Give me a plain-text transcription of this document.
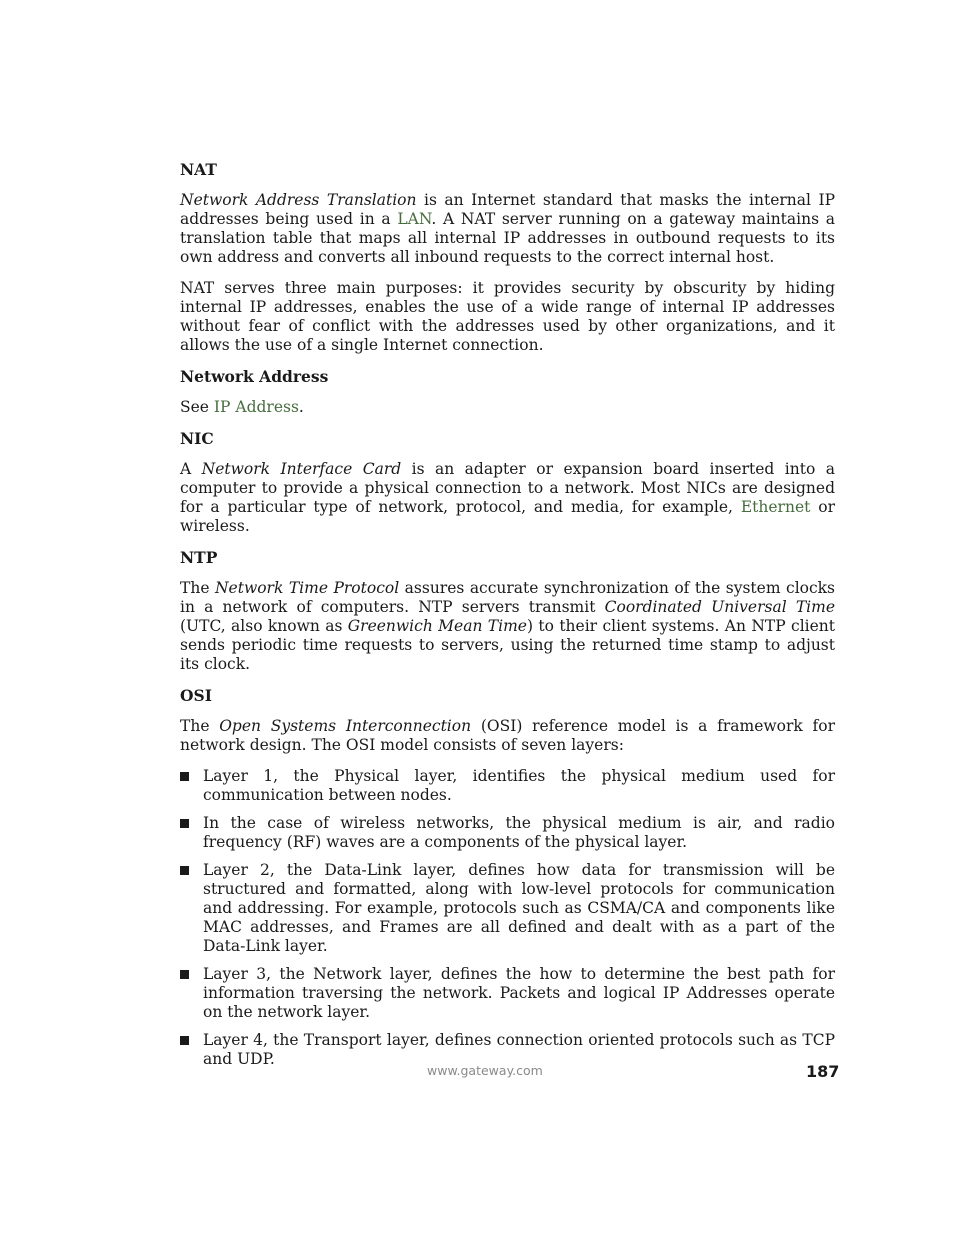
NAT

Network Address Translation is an Internet standard that masks the internal IP addresses being used in a LAN. A NAT server running on a gateway maintains a translation table that maps all internal IP addresses in outbound requests to its own address and converts all inbound requests to the correct internal host.

NAT serves three main purposes: it provides security by obscurity by hiding internal IP addresses, enables the use of a wide range of internal IP addresses without fear of conflict with the addresses used by other organizations, and it allows the use of a single Internet connection.

Network Address

See IP Address.

NIC

A Network Interface Card is an adapter or expansion board inserted into a computer to provide a physical connection to a network. Most NICs are designed for a particular type of network, protocol, and media, for example, Ethernet or wireless.

NTP

The Network Time Protocol assures accurate synchronization of the system clocks in a network of computers. NTP servers transmit Coordinated Universal Time (UTC, also known as Greenwich Mean Time) to their client systems. An NTP client sends periodic time requests to servers, using the returned time stamp to adjust its clock.

OSI

The Open Systems Interconnection (OSI) reference model is a framework for network design. The OSI model consists of seven layers:

Layer 1, the Physical layer, identifies the physical medium used for communication between nodes.
In the case of wireless networks, the physical medium is air, and radio frequency (RF) waves are a components of the physical layer.
Layer 2, the Data-Link layer, defines how data for transmission will be structured and formatted, along with low-level protocols for communication and addressing. For example, protocols such as CSMA/CA and components like MAC addresses, and Frames are all defined and dealt with as a part of the Data-Link layer.
Layer 3, the Network layer, defines the how to determine the best path for information traversing the network. Packets and logical IP Addresses operate on the network layer.
Layer 4, the Transport layer, defines connection oriented protocols such as TCP and UDP.
www.gateway.com	187
